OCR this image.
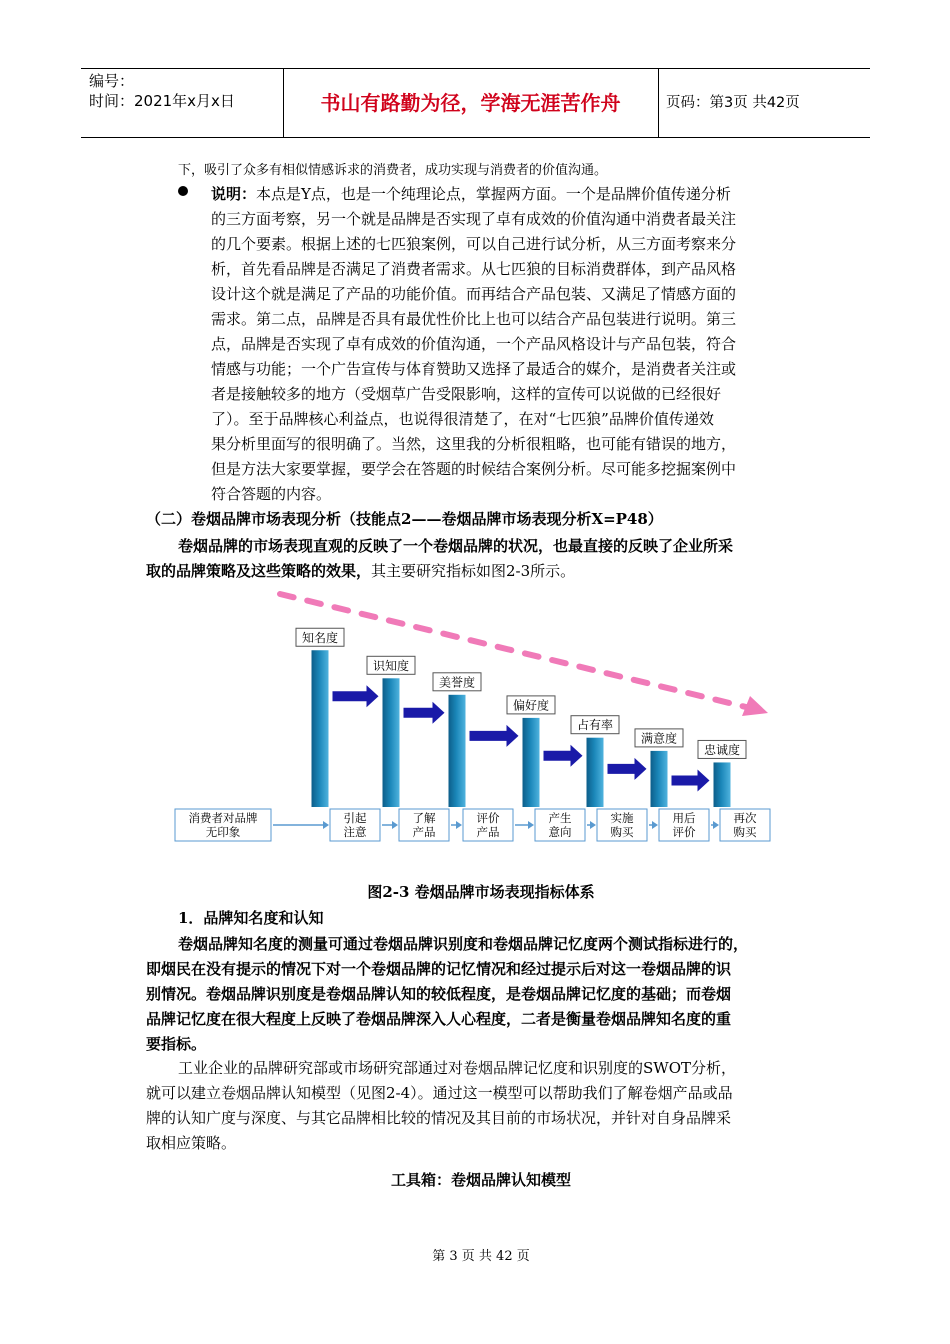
编号：
时间：2021年x月x日	书山有路勤为径，学海无涯苦作舟	页码：第3页 共42页
下，吸引了众多有相似情感诉求的消费者，成功实现与消费者的价值沟通。
说明：本点是Y点，也是一个纯理论点，掌握两方面。一个是品牌价值传递分析
的三方面考察，另一个就是品牌是否实现了卓有成效的价值沟通中消费者最关注
的几个要素。根据上述的七匹狼案例，可以自己进行试分析，从三方面考察来分
析，首先看品牌是否满足了消费者需求。从七匹狼的目标消费群体，到产品风格
设计这个就是满足了产品的功能价值。而再结合产品包装、又满足了情感方面的
需求。第二点，品牌是否具有最优性价比上也可以结合产品包装进行说明。第三
点，品牌是否实现了卓有成效的价值沟通，一个产品风格设计与产品包装，符合
情感与功能；一个广告宣传与体育赞助又选择了最适合的媒介，是消费者关注或
者是接触较多的地方（受烟草广告受限影响，这样的宣传可以说做的已经很好
了）。至于品牌核心利益点，也说得很清楚了，在对“七匹狼”品牌价值传递效
果分析里面写的很明确了。当然，这里我的分析很粗略，也可能有错误的地方，
但是方法大家要掌握，要学会在答题的时候结合案例分析。尽可能多挖掘案例中
符合答题的内容。
（二）卷烟品牌市场表现分析（技能点2——卷烟品牌市场表现分析X=P48）
卷烟品牌的市场表现直观的反映了一个卷烟品牌的状况，也最直接的反映了企业所采
取的品牌策略及这些策略的效果，其主要研究指标如图2-3所示。
消费者对品牌
无印象
引起
注意
了解
产品
评价
产品
产生
意向
实施
购买
用后
评价
再次
购买
知名度
识知度
美誉度
偏好度
占有率
满意度
忠诚度
图2-3 卷烟品牌市场表现指标体系
1．品牌知名度和认知
卷烟品牌知名度的测量可通过卷烟品牌识别度和卷烟品牌记忆度两个测试指标进行的，
即烟民在没有提示的情况下对一个卷烟品牌的记忆情况和经过提示后对这一卷烟品牌的识
别情况。卷烟品牌识别度是卷烟品牌认知的较低程度，是卷烟品牌记忆度的基础；而卷烟
品牌记忆度在很大程度上反映了卷烟品牌深入人心程度，二者是衡量卷烟品牌知名度的重
要指标。
工业企业的品牌研究部或市场研究部通过对卷烟品牌记忆度和识别度的SWOT分析，
就可以建立卷烟品牌认知模型（见图2-4）。通过这一模型可以帮助我们了解卷烟产品或品
牌的认知广度与深度、与其它品牌相比较的情况及其目前的市场状况，并针对自身品牌采
取相应策略。
工具箱：卷烟品牌认知模型
第 3 页 共 42 页
